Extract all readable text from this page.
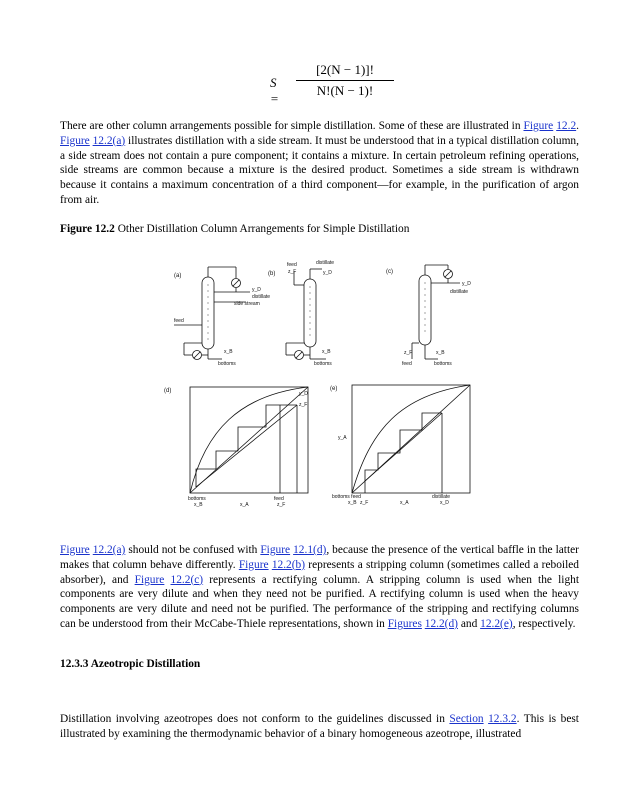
$S = \frac{[2(N - 1)]!}{N!(N - 1)!}$

There are other column arrangements possible for simple distillation. Some of these are illustrated in Figure 12.2. Figure 12.2(a) illustrates distillation with a side stream. It must be understood that in a typical distillation column, a side stream does not contain a pure component; it contains a mixture. In certain petroleum refining operations, side streams are common because a mixture is the desired product. Sometimes a side stream is withdrawn because it contains a maximum concentration of a third component—for example, in the purification of argon from air.

Figure 12.2 Other Distillation Column Arrangements for Simple Distillation
(a)
y_D
distillate
side stream
feed
x_B
bottoms
(b)
feed
z_F
distillate
y_D
x_B
bottoms
(c)
y_D
distillate
z_F	x_B
feed	bottoms
(d)	y_D
z_F
bottoms
x_B	x_A
feed
z_F
(e)
y_A
bottoms feed
x_B z_F	x_A
distillate
x_D

Figure 12.2(a) should not be confused with Figure 12.1(d), because the presence of the vertical baffle in the latter makes that column behave differently. Figure 12.2(b) represents a stripping column (sometimes called a reboiled absorber), and Figure 12.2(c) represents a rectifying column. A stripping column is used when the light components are very dilute and when they need not be purified. A rectifying column is used when the heavy components are very dilute and need not be purified. The performance of the stripping and rectifying columns can be understood from their McCabe-Thiele representations, shown in Figures 12.2(d) and 12.2(e), respectively.

12.3.3 Azeotropic Distillation

Distillation involving azeotropes does not conform to the guidelines discussed in Section 12.3.2. This is best illustrated by examining the thermodynamic behavior of a binary homogeneous azeotrope, illustrated
